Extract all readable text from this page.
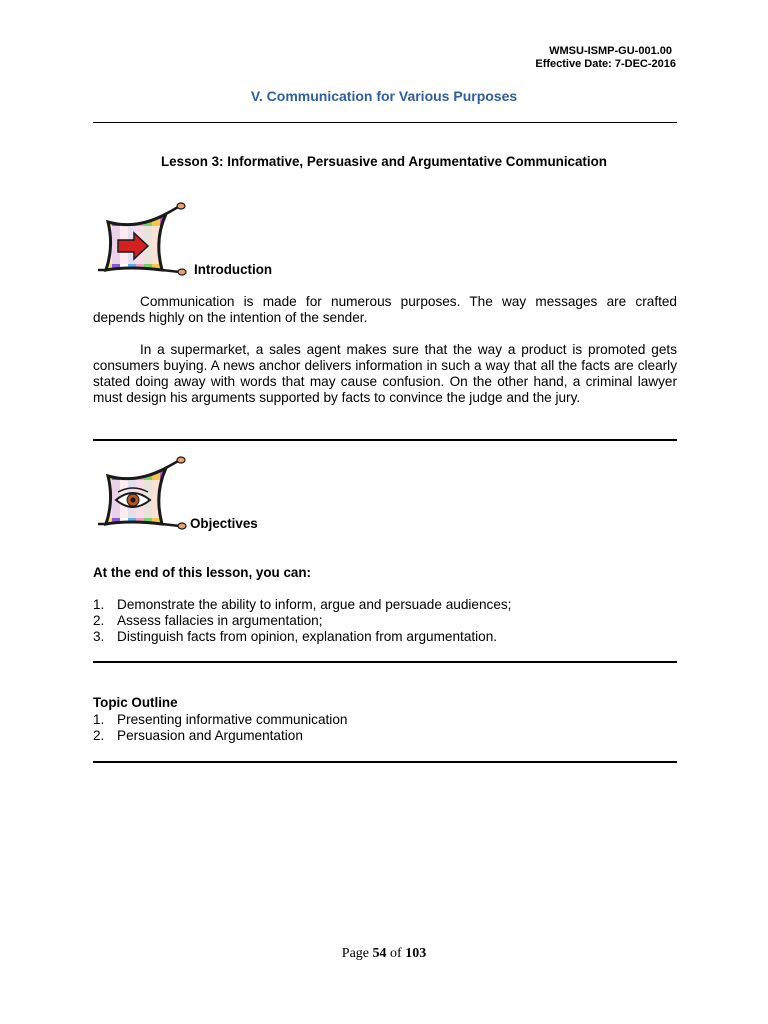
WMSU-ISMP-GU-001.00
Effective Date: 7-DEC-2016
V. Communication for Various Purposes
Lesson 3: Informative, Persuasive and Argumentative Communication
Introduction

Communication is made for numerous purposes. The way messages are crafted depends highly on the intention of the sender.

In a supermarket, a sales agent makes sure that the way a product is promoted gets consumers buying. A news anchor delivers information in such a way that all the facts are clearly stated doing away with words that may cause confusion. On the other hand, a criminal lawyer must design his arguments supported by facts to convince the judge and the jury.

Objectives
At the end of this lesson, you can:
1. Demonstrate the ability to inform, argue and persuade audiences;
2. Assess fallacies in argumentation;
3. Distinguish facts from opinion, explanation from argumentation.
Topic Outline
1. Presenting informative communication
2. Persuasion and Argumentation
Page 54 of 103
